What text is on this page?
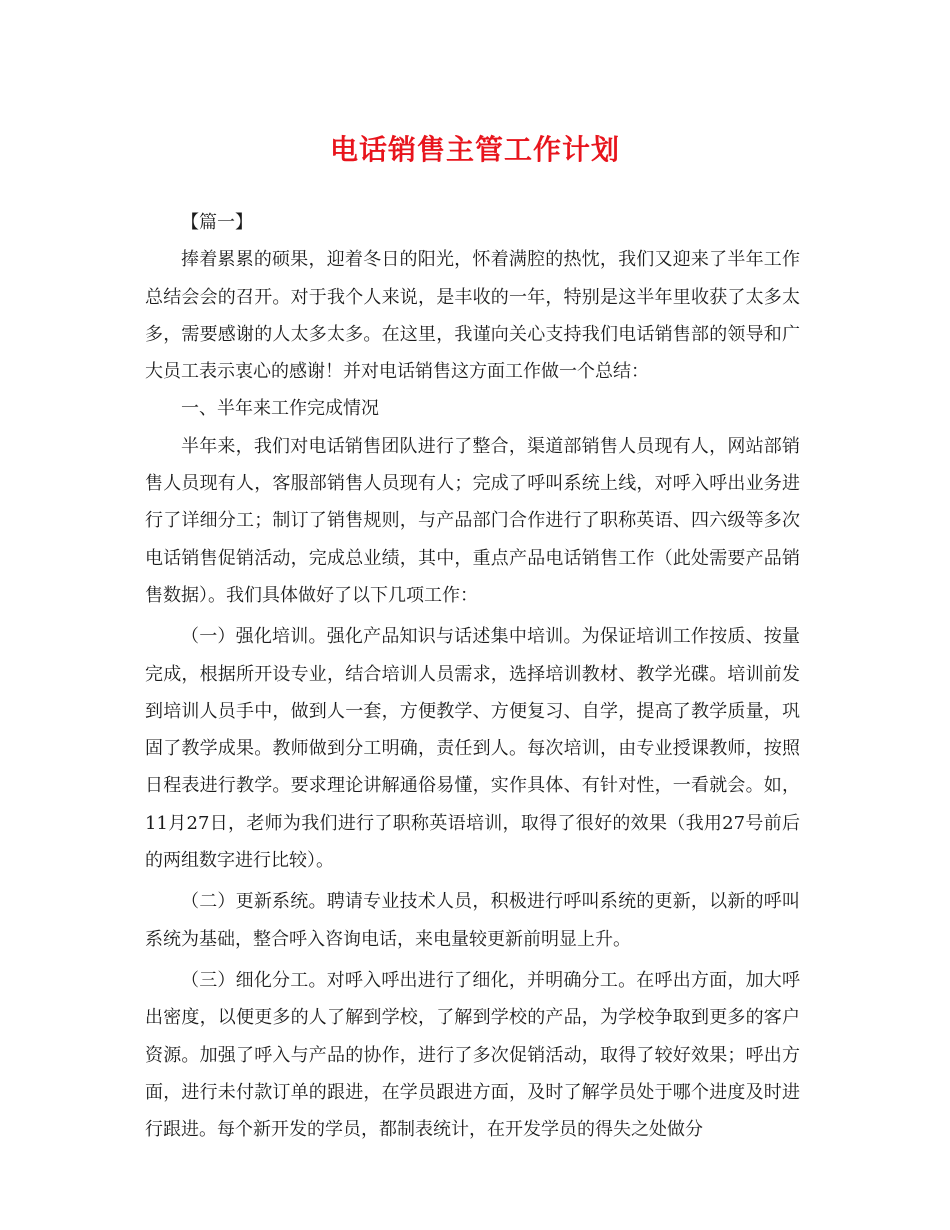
电话销售主管工作计划

【篇一】

捧着累累的硕果，迎着冬日的阳光，怀着满腔的热忱，我们又迎来了半年工作总结会会的召开。对于我个人来说，是丰收的一年，特别是这半年里收获了太多太多，需要感谢的人太多太多。在这里，我谨向关心支持我们电话销售部的领导和广大员工表示衷心的感谢！并对电话销售这方面工作做一个总结：

一、半年来工作完成情况

半年来，我们对电话销售团队进行了整合，渠道部销售人员现有人，网站部销售人员现有人，客服部销售人员现有人；完成了呼叫系统上线，对呼入呼出业务进行了详细分工；制订了销售规则，与产品部门合作进行了职称英语、四六级等多次电话销售促销活动，完成总业绩，其中，重点产品电话销售工作（此处需要产品销售数据）。我们具体做好了以下几项工作：

（一）强化培训。强化产品知识与话述集中培训。为保证培训工作按质、按量完成，根据所开设专业，结合培训人员需求，选择培训教材、教学光碟。培训前发到培训人员手中，做到人一套，方便教学、方便复习、自学，提高了教学质量，巩固了教学成果。教师做到分工明确，责任到人。每次培训，由专业授课教师，按照日程表进行教学。要求理论讲解通俗易懂，实作具体、有针对性，一看就会。如，11月27日，老师为我们进行了职称英语培训，取得了很好的效果（我用27号前后的两组数字进行比较）。

（二）更新系统。聘请专业技术人员，积极进行呼叫系统的更新，以新的呼叫系统为基础，整合呼入咨询电话，来电量较更新前明显上升。

（三）细化分工。对呼入呼出进行了细化，并明确分工。在呼出方面，加大呼出密度，以便更多的人了解到学校，了解到学校的产品，为学校争取到更多的客户资源。加强了呼入与产品的协作，进行了多次促销活动，取得了较好效果；呼出方面，进行未付款订单的跟进，在学员跟进方面，及时了解学员处于哪个进度及时进行跟进。每个新开发的学员，都制表统计，在开发学员的得失之处做分
